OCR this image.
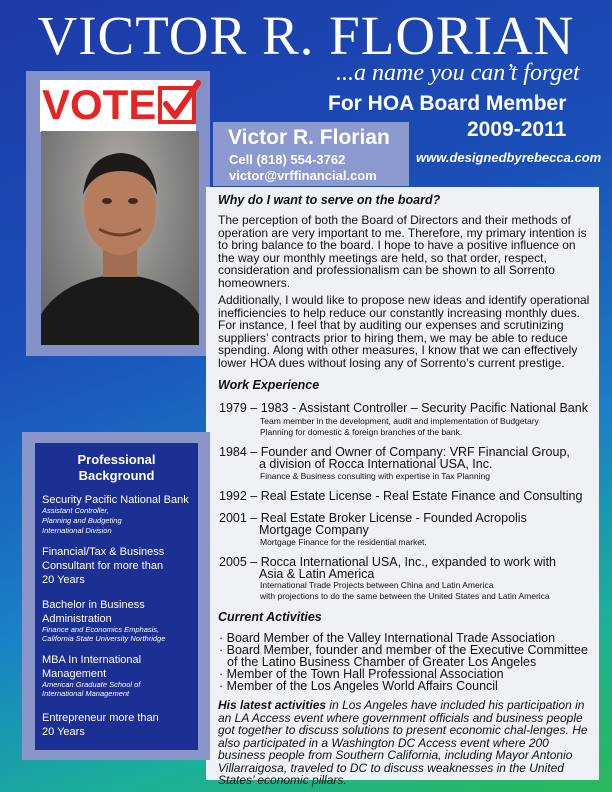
VICTOR R. FLORIAN
...a name you can’t forget
VOTE	For HOA Board Member
2009-2011
www.designedbyrebecca.com
Victor R. Florian
Cell (818) 554-3762
victor@vrffinancial.com
Why do I want to serve on the board?
The perception of both the Board of Directors and their methods of operation are very important to me. Therefore, my primary intention is to bring balance to the board. I hope to have a positive influence on the way our monthly meetings are held, so that order, respect, consideration and professionalism can be shown to all Sorrento homeowners.
Additionally, I would like to propose new ideas and identify operational inefficiencies to help reduce our constantly increasing monthly dues. For instance, I feel that by auditing our expenses and scrutinizing suppliers’ contracts prior to hiring them, we may be able to reduce spending. Along with other measures, I know that we can effectively lower HOA dues without losing any of Sorrento’s current prestige.
Work Experience
1979 – 1983 - Assistant Controller – Security Pacific National Bank
Team member in the development, audit and implementation of Budgetary
Planning for domestic & foreign branches of the bank.
1984 – Founder and Owner of Company: VRF Financial Group,
a division of Rocca International USA, Inc.
Finance & Business consulting with expertise in Tax Planning
1992 – Real Estate License - Real Estate Finance and Consulting
2001 – Real Estate Broker License - Founded Acropolis
Mortgage Company
Mortgage Finance for the residential market.
2005 – Rocca International USA, Inc., expanded to work with
Asia & Latin America
International Trade Projects between China and Latin America
with projections to do the same between the United States and Latin America
Current Activities
· Board Member of the Valley International Trade Association
· Board Member, founder and member of the Executive Committee
of the Latino Business Chamber of Greater Los Angeles
· Member of the Town Hall Professional Association
· Member of the Los Angeles World Affairs Council
His latest activities in Los Angeles have included his participation in an LA Access event where government officials and business people got together to discuss solutions to present economic chal-lenges. He also participated in a Washington DC Access event where 200 business people from Southern California, including Mayor Antonio Villarraigosa, traveled to DC to discuss weaknesses in the United States’ economic pillars.
Professional
Background
Security Pacific National Bank
Assistant Controller,
Planning and Budgeting
International Division
Financial/Tax & Business
Consultant for more than
20 Years
Bachelor in Business
Administration
Finance and Economics Emphasis,
California State University Northridge
MBA In International
Management
American Graduate School of
International Management
Entrepreneur more than
20 Years
